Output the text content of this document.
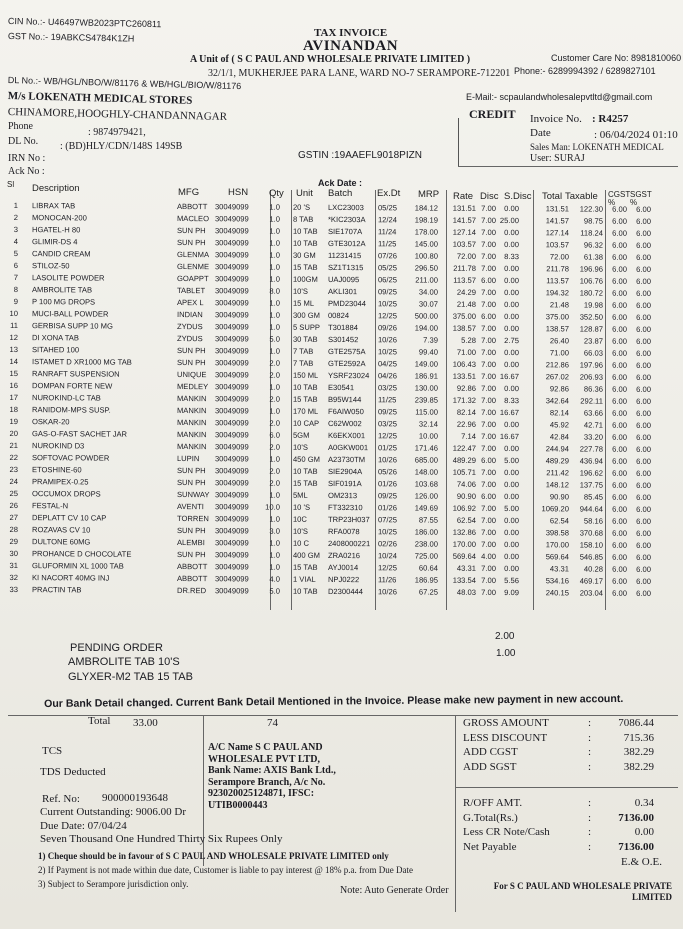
CIN No.:- U46497WB2023PTC260811
GST No.:- 19ABKCS4784K1ZH	TAX INVOICE
AVINANDAN
A Unit of ( S C PAUL AND WHOLESALE PRIVATE LIMITED )
32/1/1, MUKHERJEE PARA LANE, WARD NO-7 SERAMPORE-712201
Customer Care No: 8981810060
Phone:- 6289994392 / 6289827101
DL No.:- WB/HGL/NBO/W/81176 & WB/HGL/BIO/W/81176
E-Mail:- scpaulandwholesalepvtltd@gmail.com
M/s LOKENATH MEDICAL STORES
CHINAMORE,HOOGHLY-CHANDANNAGAR
Phone
: 9874979421,
DL No. : (BD)HLY/CDN/148S 149SB
IRN No :
Ack No :
GSTIN :19AAEFL9018PIZN
CREDIT Invoice No. : R4257
Date	: 06/04/2024 01:10
Sales Man: LOKENATH MEDICAL
User: SURAJ
Ack Date :
Sl Description	MFG	HSN Qty Unit Batch	Ex.Dt MRP Rate Disc S.Disc Total Taxable CGST %
SGST %
1 LIBRAX TAB	ABBOTT 30049099	1.0 20 'S	LXC23003	05/25	184.12	131.51 7.00	0.00	131.51	122.30	6.00	6.00
2 MONOCAN-200	MACLEO 30049099	1.0 8 TAB	*KIC2303A	12/24	198.19	141.57 7.00 25.00	141.57	98.75	6.00	6.00
3 HGATEL-H 80	SUN PH	30049099	1.0 10 TAB	SIE1707A	11/24	178.00	127.14 7.00	0.00	127.14	118.24	6.00	6.00
4 GLIMIR-DS 4	SUN PH	30049099	1.0 10 TAB	GTE3012A	11/25	145.00	103.57 7.00	0.00	103.57	96.32	6.00	6.00
5 CANDID CREAM	GLENMA 30049099	1.0 30 GM	11231415	07/26	100.80	72.00 7.00	8.33	72.00	61.38	6.00	6.00
6 STILOZ-50	GLENME 30049099	1.0 15 TAB	SZ1T1315	05/25	296.50	211.78 7.00	0.00	211.78	196.96	6.00	6.00
7 LASOLITE POWDER	GOAPPT 30049099	1.0 100GM	UAJ0095	06/25	211.00	113.57 6.00	0.00	113.57	106.76	6.00	6.00
8 AMBROLITE TAB	TABLET	30049099	8.0 10'S	AKLI301	09/25	34.00	24.29 7.00	0.00	194.32	180.72	6.00	6.00
9 P 100 MG DROPS	APEX L	30049099	1.0 15 ML	PMD23044	10/25	30.07	21.48 7.00	0.00	21.48	19.98	6.00	6.00
10 MUCI-BALL POWDER	INDIAN	30049099	1.0 300 GM	00824	12/25	500.00	375.00 6.00	0.00	375.00	352.50	6.00	6.00
11 GERBISA SUPP 10 MG	ZYDUS	30049099	1.0 5 SUPP	T301884	09/26	194.00	138.57 7.00	0.00	138.57	128.87	6.00	6.00
12 DI XONA TAB	ZYDUS	30049099	5.0 30 TAB	S301452	10/26	7.39	5.28 7.00	2.75	26.40	23.87	6.00	6.00
13 SITAHED 100	SUN PH	30049099	1.0 7 TAB	GTE2575A	10/25	99.40	71.00 7.00	0.00	71.00	66.03	6.00	6.00
14 ISTAMET D XR1000 MG TAB	SUN PH	30049099	2.0 7 TAB	GTE2592A	04/25	149.00	106.43 7.00	0.00	212.86	197.96	6.00	6.00
15 RANRAFT SUSPENSION	UNIQUE	30049099	2.0 150 ML	YSRF23024	04/26	186.91	133.51 7.00 16.67	267.02	206.93	6.00	6.00
16 DOMPAN FORTE NEW	MEDLEY 30049099	1.0 10 TAB	E30541	03/25	130.00	92.86 7.00	0.00	92.86	86.36	6.00	6.00
17 NUROKIND-LC TAB	MANKIN	30049099	2.0 15 TAB	B95W144	11/25	239.85	171.32 7.00	8.33	342.64	292.11	6.00	6.00
18 RANIDOM-MPS SUSP.	MANKIN	30049099	1.0 170 ML	F6AIW050	09/25	115.00	82.14 7.00 16.67	82.14	63.66	6.00	6.00
19 OSKAR-20	MANKIN	30049099	2.0 10 CAP	C62W002	03/25	32.14	22.96 7.00	0.00	45.92	42.71	6.00	6.00
20 GAS-O-FAST SACHET JAR	MANKIN	30049099	6.0 5GM	K6EKX001	12/25	10.00	7.14 7.00 16.67	42.84	33.20	6.00	6.00
21 NUROKIND D3	MANKIN	30049099	2.0 10'S	A0GKW001	01/25	171.46	122.47 7.00	0.00	244.94	227.78	6.00	6.00
22 SOFTOVAC POWDER	LUPIN	30049099	1.0 450 GM	A23730TM	10/26	685.00	489.29 6.00	5.00	489.29	436.94	6.00	6.00
23 ETOSHINE-60	SUN PH	30049099	2.0 10 TAB	SIE2904A	05/26	148.00	105.71 7.00	0.00	211.42	196.62	6.00	6.00
24 PRAMIPEX-0.25	SUN PH	30049099	2.0 15 TAB	SIF0191A	01/26	103.68	74.06 7.00	0.00	148.12	137.75	6.00	6.00
25 OCCUMOX DROPS	SUNWAY 30049099	1.0 5ML	OM2313	09/25	126.00	90.90 6.00	0.00	90.90	85.45	6.00	6.00
26 FESTAL-N	AVENTI	30049099	10.0 10 'S	FT332310	01/26	149.69	106.92 7.00	5.00	1069.20	944.64	6.00	6.00
27 DEPLATT CV 10 CAP	TORREN 30049099	1.0 10C	TRP23H037	07/25	87.55	62.54 7.00	0.00	62.54	58.16	6.00	6.00
28 ROZAVAS CV 10	SUN PH	30049099	3.0 10'S	RFA0078	10/25	186.00	132.86 7.00	0.00	398.58	370.68	6.00	6.00
29 DULTONE 60MG	ALEMBI	30049099	1.0 10 C	2408000221	02/26	238.00	170.00 7.00	0.00	170.00	158.10	6.00	6.00
30 PROHANCE D CHOCOLATE	SUN PH	30049099	1.0 400 GM	ZRA0216	10/24	725.00	569.64 4.00	0.00	569.64	546.85	6.00	6.00
31 GLUFORMIN XL 1000 TAB	ABBOTT 30049099	1.0 15 TAB	AYJ0014	12/25	60.64	43.31 7.00	0.00	43.31	40.28	6.00	6.00
32 KI NACORT 40MG INJ	ABBOTT 30049099	4.0 1 VIAL	NPJ0222	11/26	186.95	133.54 7.00	5.56	534.16	469.17	6.00	6.00
33 PRACTIN TAB	DR.RED	30049099	5.0 10 TAB	D2300444	10/26	67.25	48.03 7.00	9.09	240.15	203.04	6.00	6.00
PENDING ORDER
AMBROLITE TAB 10'S
GLYXER-M2 TAB 15 TAB
2.00
1.00
Our Bank Detail changed. Current Bank Detail Mentioned in the Invoice. Please make new payment in new account.
Total 33.00	74
TCS
TDS Deducted
A/C Name S C PAUL AND
WHOLESALE PVT LTD,
Bank Name: AXIS Bank Ltd.,
Serampore Branch, A/c No.
923020025124871, IFSC:
UTIB0000443
Ref. No: 900000193648
Current Outstanding: 9006.00 Dr
Due Date: 07/04/24
Seven Thousand One Hundred Thirty Six Rupees Only
1) Cheque should be in favour of S C PAUL AND WHOLESALE PRIVATE LIMITED only
2) If Payment is not made within due date, Customer is liable to pay interest @ 18% p.a. from Due Date
3) Subject to Serampore jurisdiction only.
Note: Auto Generate Order
GROSS AMOUNT	:	7086.44
LESS DISCOUNT	:	715.36
ADD CGST	:	382.29
ADD SGST	:	382.29
R/OFF AMT.	:	0.34
G.Total(Rs.)	:	7136.00
Less CR Note/Cash	:	0.00
Net Payable	:	7136.00
E.& O.E.
For S C PAUL AND WHOLESALE PRIVATE LIMITED
